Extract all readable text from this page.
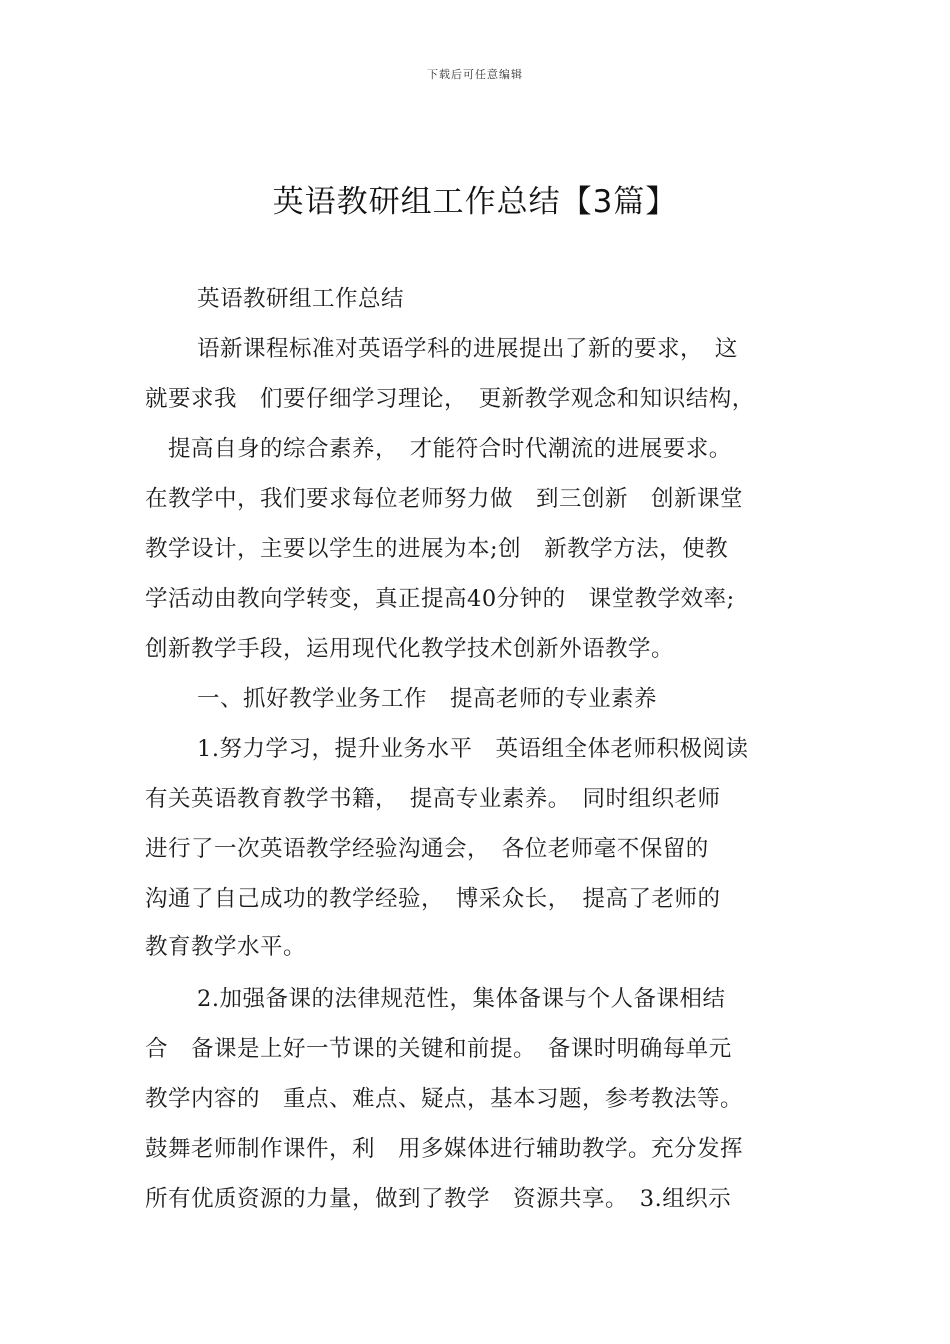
下载后可任意编辑
英语教研组工作总结【3篇】
英语教研组工作总结
语新课程标准对英语学科的进展提出了新的要求，　这
就要求我　们要仔细学习理论，　更新教学观念和知识结构，
　提高自身的综合素养，　才能符合时代潮流的进展要求。
在教学中，我们要求每位老师努力做　到三创新　创新课堂
教学设计，主要以学生的进展为本;创　新教学方法，使教
学活动由教向学转变，真正提高40分钟的　课堂教学效率;
创新教学手段，运用现代化教学技术创新外语教学。
一、抓好教学业务工作　提高老师的专业素养
1.努力学习，提升业务水平　英语组全体老师积极阅读
有关英语教育教学书籍，　提高专业素养。　同时组织老师
进行了一次英语教学经验沟通会，　各位老师毫不保留的
沟通了自己成功的教学经验，　博采众长，　提高了老师的
教育教学水平。
2.加强备课的法律规范性，集体备课与个人备课相结
合　备课是上好一节课的关键和前提。　备课时明确每单元
教学内容的　重点、难点、疑点，基本习题，参考教法等。
鼓舞老师制作课件，利　用多媒体进行辅助教学。充分发挥
所有优质资源的力量，做到了教学　资源共享。　3.组织示
